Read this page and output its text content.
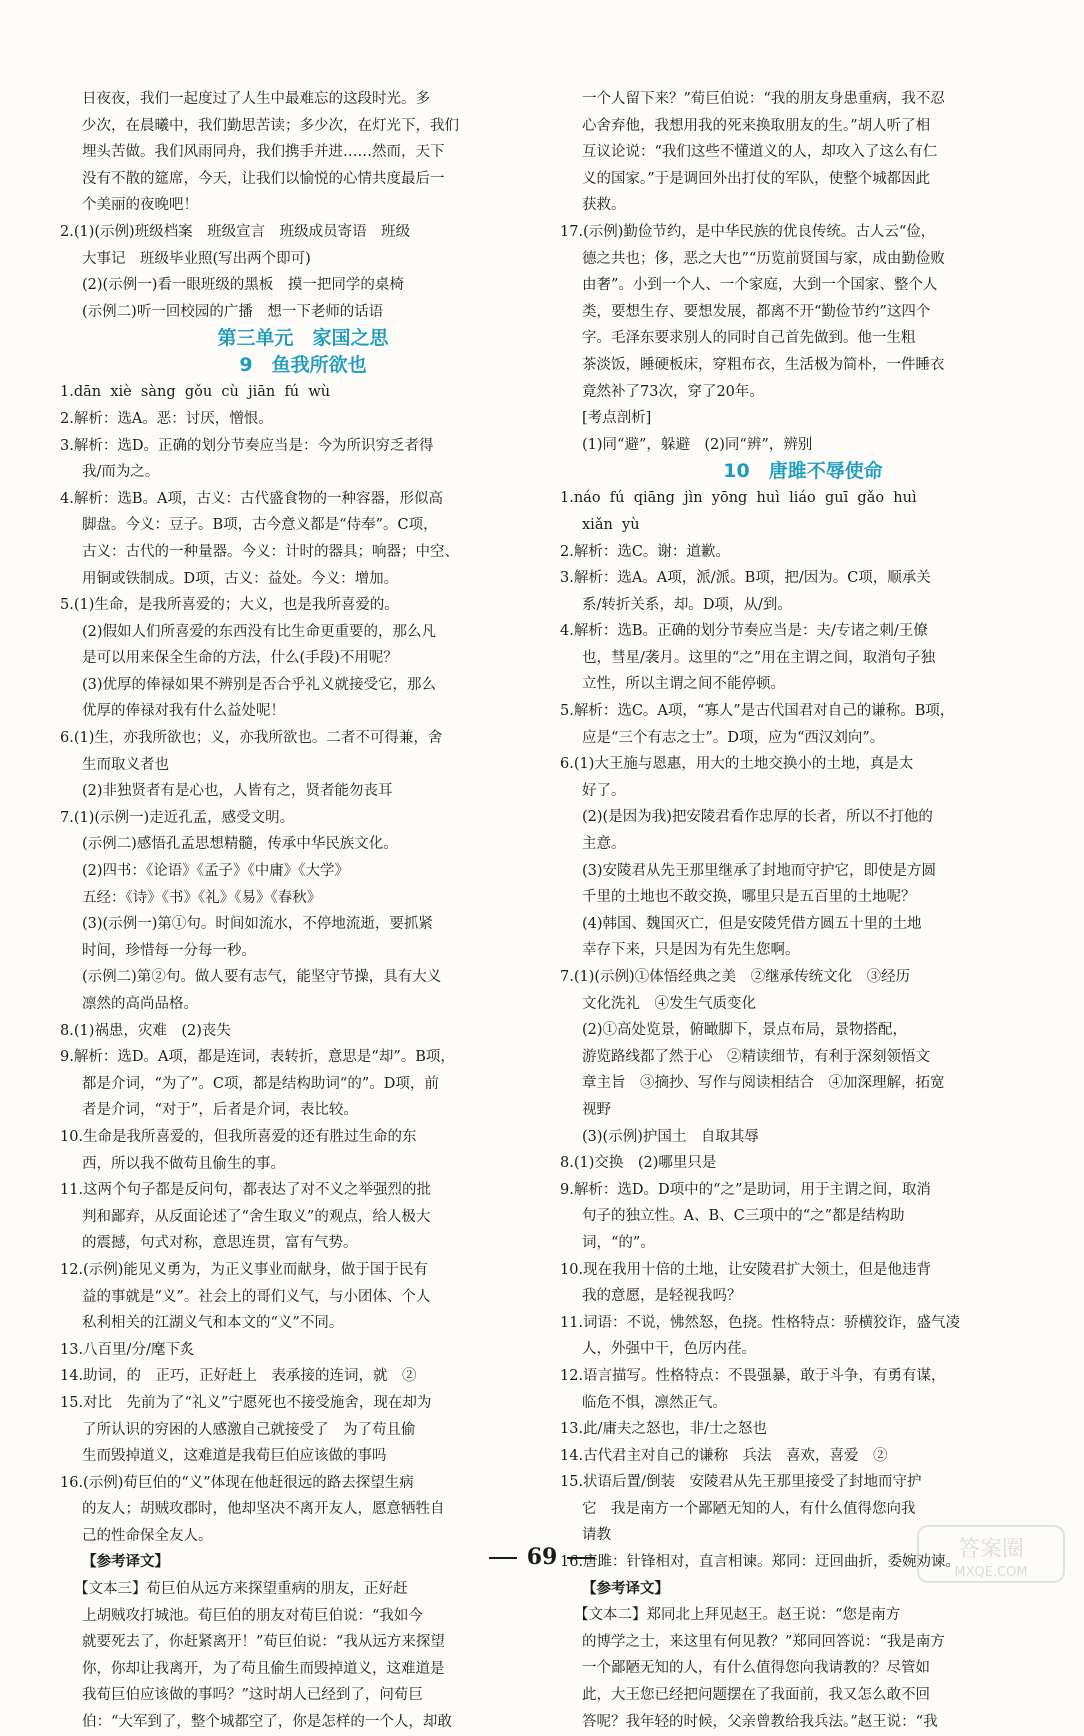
日夜夜，我们一起度过了人生中最难忘的这段时光。多
少次，在晨曦中，我们勤思苦读；多少次，在灯光下，我们
埋头苦做。我们风雨同舟，我们携手并进……然而，天下
没有不散的筵席，今天，让我们以愉悦的心情共度最后一
个美丽的夜晚吧！
2.(1)(示例)班级档案　班级宣言　班级成员寄语　班级
大事记　班级毕业照(写出两个即可)
(2)(示例一)看一眼班级的黑板　摸一把同学的桌椅
(示例二)听一回校园的广播　想一下老师的话语
第三单元　家国之思
9　鱼我所欲也
1.dān  xiè  sàng  gǒu  cù  jiān  fú  wù
2.解析：选A。恶：讨厌，憎恨。
3.解析：选D。正确的划分节奏应当是：今为所识穷乏者得
我/而为之。
4.解析：选B。A项，古义：古代盛食物的一种容器，形似高
脚盘。今义：豆子。B项，古今意义都是“侍奉”。C项，
古义：古代的一种量器。今义：计时的器具；响器；中空、
用铜或铁制成。D项，古义：益处。今义：增加。
5.(1)生命，是我所喜爱的；大义，也是我所喜爱的。
(2)假如人们所喜爱的东西没有比生命更重要的，那么凡
是可以用来保全生命的方法，什么(手段)不用呢？
(3)优厚的俸禄如果不辨别是否合乎礼义就接受它，那么
优厚的俸禄对我有什么益处呢！
6.(1)生，亦我所欲也；义，亦我所欲也。二者不可得兼，舍
生而取义者也
(2)非独贤者有是心也，人皆有之，贤者能勿丧耳
7.(1)(示例一)走近孔孟，感受文明。
(示例二)感悟孔孟思想精髓，传承中华民族文化。
(2)四书：《论语》《孟子》《中庸》《大学》
五经：《诗》《书》《礼》《易》《春秋》
(3)(示例一)第①句。时间如流水，不停地流逝，要抓紧
时间，珍惜每一分每一秒。
(示例二)第②句。做人要有志气，能坚守节操，具有大义
凛然的高尚品格。
8.(1)祸患，灾难　(2)丧失
9.解析：选D。A项，都是连词，表转折，意思是“却”。B项，
都是介词，“为了”。C项，都是结构助词“的”。D项，前
者是介词，“对于”，后者是介词，表比较。
10.生命是我所喜爱的，但我所喜爱的还有胜过生命的东
西，所以我不做苟且偷生的事。
11.这两个句子都是反问句，都表达了对不义之举强烈的批
判和鄙弃，从反面论述了“舍生取义”的观点，给人极大
的震撼，句式对称，意思连贯，富有气势。
12.(示例)能见义勇为，为正义事业而献身，做于国于民有
益的事就是“义”。社会上的哥们义气，与小团体、个人
私利相关的江湖义气和本文的“义”不同。
13.八百里/分/麾下炙
14.助词，的　正巧，正好赶上　表承接的连词，就　②
15.对比　先前为了“礼义”宁愿死也不接受施舍，现在却为
了所认识的穷困的人感激自己就接受了　为了苟且偷
生而毁掉道义，这难道是我荀巨伯应该做的事吗
16.(示例)荀巨伯的“义”体现在他赶很远的路去探望生病
的友人；胡贼攻郡时，他却坚决不离开友人，愿意牺牲自
己的性命保全友人。
【参考译文】
【文本三】荀巨伯从远方来探望重病的朋友，正好赶
上胡贼攻打城池。荀巨伯的朋友对荀巨伯说：“我如今
就要死去了，你赶紧离开！”荀巨伯说：“我从远方来探望
你，你却让我离开，为了苟且偷生而毁掉道义，这难道是
我荀巨伯应该做的事吗？”这时胡人已经到了，问荀巨
伯：“大军到了，整个城都空了，你是怎样的一个人，却敢
一个人留下来？”荀巨伯说：“我的朋友身患重病，我不忍
心舍弃他，我想用我的死来换取朋友的生。”胡人听了相
互议论说：“我们这些不懂道义的人，却攻入了这么有仁
义的国家。”于是调回外出打仗的军队，使整个城都因此
获救。
17.(示例)勤俭节约，是中华民族的优良传统。古人云“俭，
德之共也；侈，恶之大也”“历览前贤国与家，成由勤俭败
由奢”。小到一个人、一个家庭，大到一个国家、整个人
类，要想生存、要想发展，都离不开“勤俭节约”这四个
字。毛泽东要求别人的同时自己首先做到。他一生粗
茶淡饭，睡硬板床，穿粗布衣，生活极为简朴，一件睡衣
竟然补了73次，穿了20年。
[考点剖析]
(1)同“避”，躲避　(2)同“辨”，辨别
10　唐雎不辱使命
1.náo  fú  qiāng  jìn  yōng  huì  liáo  guī  gǎo  huì
xiǎn  yù
2.解析：选C。谢：道歉。
3.解析：选A。A项，派/派。B项，把/因为。C项，顺承关
系/转折关系，却。D项，从/到。
4.解析：选B。正确的划分节奏应当是：夫/专诸之刺/王僚
也，彗星/袭月。这里的“之”用在主谓之间，取消句子独
立性，所以主谓之间不能停顿。
5.解析：选C。A项，“寡人”是古代国君对自己的谦称。B项，
应是“三个有志之士”。D项，应为“西汉刘向”。
6.(1)大王施与恩惠，用大的土地交换小的土地，真是太
好了。
(2)(是因为我)把安陵君看作忠厚的长者，所以不打他的
主意。
(3)安陵君从先王那里继承了封地而守护它，即使是方圆
千里的土地也不敢交换，哪里只是五百里的土地呢？
(4)韩国、魏国灭亡，但是安陵凭借方圆五十里的土地
幸存下来，只是因为有先生您啊。
7.(1)(示例)①体悟经典之美　②继承传统文化　③经历
文化洗礼　④发生气质变化
(2)①高处览景，俯瞰脚下，景点布局，景物搭配，
游览路线都了然于心　②精读细节，有利于深刻领悟文
章主旨　③摘抄、写作与阅读相结合　④加深理解，拓宽
视野
(3)(示例)护国土　自取其辱
8.(1)交换　(2)哪里只是
9.解析：选D。D项中的“之”是助词，用于主谓之间，取消
句子的独立性。A、B、C三项中的“之”都是结构助
词，“的”。
10.现在我用十倍的土地，让安陵君扩大领土，但是他违背
我的意愿，是轻视我吗？
11.词语：不说，怫然怒，色挠。性格特点：骄横狡诈，盛气凌
人，外强中干，色厉内荏。
12.语言描写。性格特点：不畏强暴，敢于斗争，有勇有谋，
临危不惧，凛然正气。
13.此/庸夫之怒也，非/士之怒也
14.古代君主对自己的谦称　兵法　喜欢，喜爱　②
15.状语后置/倒装　安陵君从先王那里接受了封地而守护
它　我是南方一个鄙陋无知的人，有什么值得您向我
请教
16.唐雎：针锋相对，直言相谏。郑同：迂回曲折，委婉劝谏。
【参考译文】
【文本二】郑同北上拜见赵王。赵王说：“您是南方
的博学之士，来这里有何见教？”郑同回答说：“我是南方
一个鄙陋无知的人，有什么值得您向我请教的？尽管如
此，大王您已经把问题摆在了我面前，我又怎么敢不回
答呢？我年轻的时候，父亲曾教给我兵法。”赵王说：“我
69	答案圈
MXQE.COM
